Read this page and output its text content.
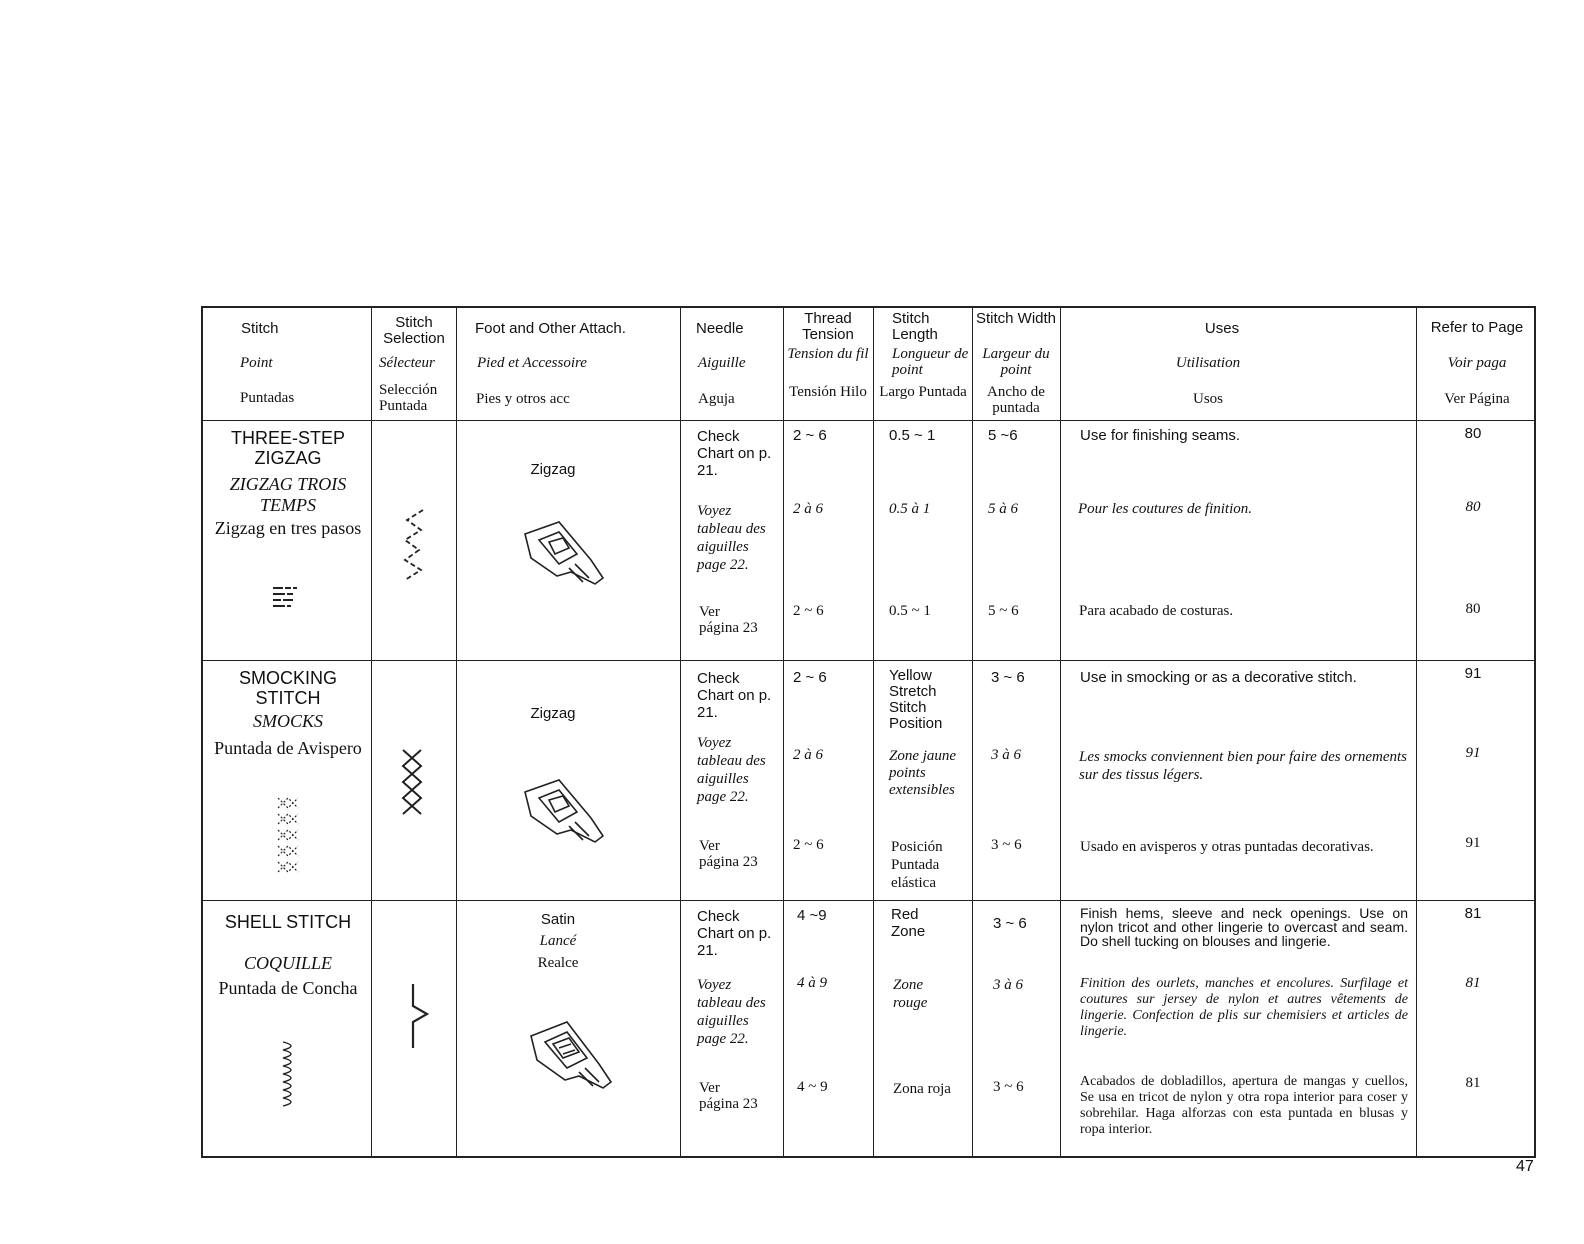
Stitch
Point
Puntadas
Stitch Selection
Sélecteur
Selección Puntada
Foot and Other Attach.
Pied et Accessoire
Pies y otros acc
Needle
Aiguille
Aguja
Thread Tension
Tension du fil
Tensión Hilo
Stitch Length
Longueur de point
Largo Puntada
Stitch Width
Largeur du point
Ancho de puntada
Uses
Utilisation
Usos
Refer to Page
Voir paga
Ver Página
THREE-STEP ZIGZAG
ZIGZAG TROIS TEMPS
Zigzag en tres pasos
Zigzag
Check Chart on p. 21.
Voyez tableau des aiguilles page 22.
Ver página 23
2 ~ 6
2 à 6
2 ~ 6
0.5 ~ 1
0.5 à 1
0.5 ~ 1
5 ~6
5 à 6
5 ~ 6
Use for finishing seams.
Pour les coutures de finition.
Para acabado de costuras.
80
80
80
SMOCKING STITCH
SMOCKS
Puntada de Avispero
Zigzag
Check Chart on p. 21.
Voyez tableau des aiguilles page 22.
Ver página 23
2 ~ 6
2 à 6
2 ~ 6
Yellow Stretch Stitch Position
Zone jaune points extensibles
Posición Puntada elástica
3 ~ 6
3 à 6
3 ~ 6
Use in smocking or as a decorative stitch.
Les smocks conviennent bien pour faire des ornements sur des tissus légers.
Usado en avisperos y otras puntadas decorativas.
91
91
91
SHELL STITCH
COQUILLE
Puntada de Concha
Satin
Lancé
Realce
Check Chart on p. 21.
Voyez tableau des aiguilles page 22.
Ver página 23
4 ~9
4 à 9
4 ~ 9
Red Zone
Zone rouge
Zona roja
3 ~ 6
3 à 6
3 ~ 6
Finish hems, sleeve and neck openings. Use on nylon tricot and other lingerie to overcast and seam. Do shell tucking on blouses and lingerie.
Finition des ourlets, manches et encolures. Surfilage et coutures sur jersey de nylon et autres vêtements de lingerie. Confection de plis sur chemisiers et articles de lingerie.
Acabados de dobladillos, apertura de mangas y cuellos, Se usa en tricot de nylon y otra ropa interior para coser y sobrehilar. Haga alforzas con esta puntada en blusas y ropa interior.
81
81
81
47
